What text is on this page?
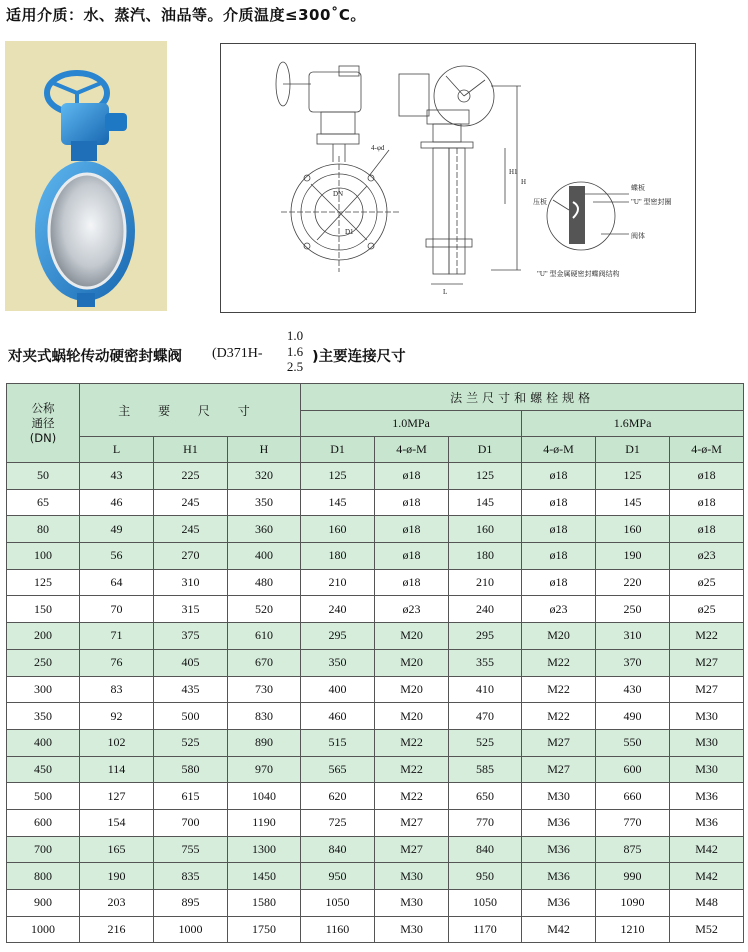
适用介质：水、蒸汽、油品等。介质温度≤300˚C。
4-φd
DN
D1
H1
H
L
蝶板
"U" 型密封圈
压板
阀体
"U" 型金属硬密封蝶阀结构
对夹式蜗轮传动硬密封蝶阀 (D371H-
1.0
1.6
2.5
)主要连接尺寸
公称
通径
(DN)	主 要 尺 寸			法兰尺寸和螺栓规格					
				1.0MPa			1.6MPa		
	L	H1	H	D1	4-ø-M	D1	4-ø-M	D1	4-ø-M
50	43	225	320	125	ø18	125	ø18	125	ø18
65	46	245	350	145	ø18	145	ø18	145	ø18
80	49	245	360	160	ø18	160	ø18	160	ø18
100	56	270	400	180	ø18	180	ø18	190	ø23
125	64	310	480	210	ø18	210	ø18	220	ø25
150	70	315	520	240	ø23	240	ø23	250	ø25
200	71	375	610	295	M20	295	M20	310	M22
250	76	405	670	350	M20	355	M22	370	M27
300	83	435	730	400	M20	410	M22	430	M27
350	92	500	830	460	M20	470	M22	490	M30
400	102	525	890	515	M22	525	M27	550	M30
450	114	580	970	565	M22	585	M27	600	M30
500	127	615	1040	620	M22	650	M30	660	M36
600	154	700	1190	725	M27	770	M36	770	M36
700	165	755	1300	840	M27	840	M36	875	M42
800	190	835	1450	950	M30	950	M36	990	M42
900	203	895	1580	1050	M30	1050	M36	1090	M48
1000	216	1000	1750	1160	M30	1170	M42	1210	M52
